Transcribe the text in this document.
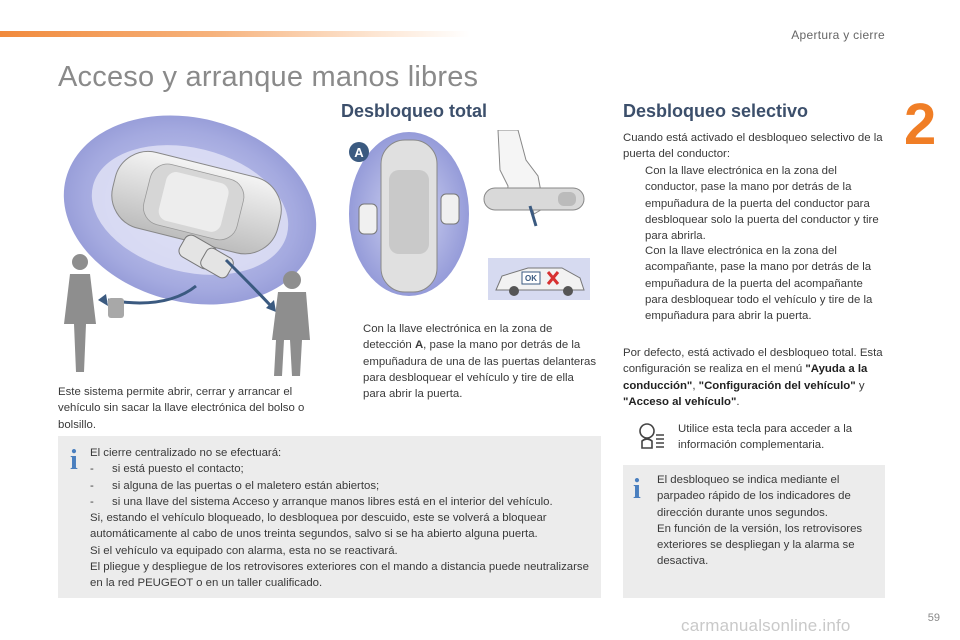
Apertura y cierre
2
Acceso y arranque manos libres
A
OK
Este sistema permite abrir, cerrar y arrancar el vehículo sin sacar la llave electrónica del bolso o bolsillo.
Desbloqueo total
Con la llave electrónica en la zona de detección A, pase la mano por detrás de la empuñadura de una de las puertas delanteras para desbloquear el vehículo y tire de ella para abrir la puerta.
Desbloqueo selectivo
Cuando está activado el desbloqueo selectivo de la puerta del conductor:
Con la llave electrónica en la zona del conductor, pase la mano por detrás de la empuñadura de la puerta del conductor para desbloquear solo la puerta del conductor y tire para abrirla.
Con la llave electrónica en la zona del acompañante, pase la mano por detrás de la empuñadura de la puerta del acompañante para desbloquear todo el vehículo y tire de la empuñadura para abrir la puerta.
Por defecto, está activado el desbloqueo total. Esta configuración se realiza en el menú "Ayuda a la conducción", "Configuración del vehículo" y "Acceso al vehículo".
Utilice esta tecla para acceder a la información complementaria.
i El cierre centralizado no se efectuará:
-	si está puesto el contacto;
-	si alguna de las puertas o el maletero están abiertos;
-	si una llave del sistema Acceso y arranque manos libres está en el interior del vehículo.
Si, estando el vehículo bloqueado, lo desbloquea por descuido, este se volverá a bloquear automáticamente al cabo de unos treinta segundos, salvo si se ha abierto alguna puerta.
Si el vehículo va equipado con alarma, esta no se reactivará.
El pliegue y despliegue de los retrovisores exteriores con el mando a distancia puede neutralizarse en la red PEUGEOT o en un taller cualificado.
i El desbloqueo se indica mediante el parpadeo rápido de los indicadores de dirección durante unos segundos.
En función de la versión, los retrovisores exteriores se despliegan y la alarma se desactiva.
59
carmanualsonline.info
